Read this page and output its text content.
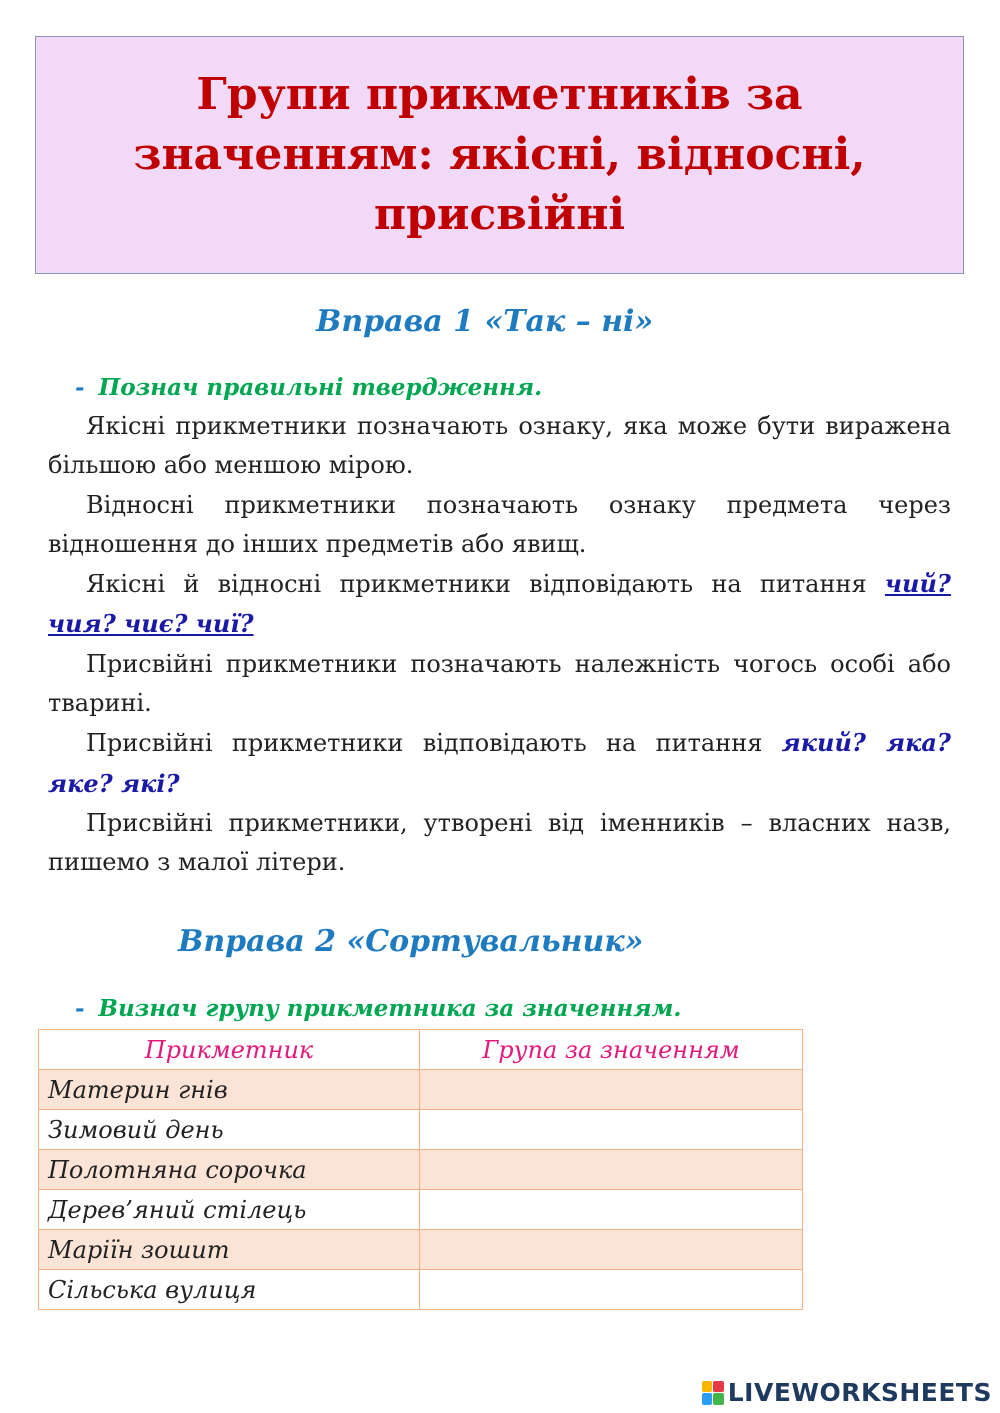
Групи прикметників за значенням: якісні, відносні, присвійні
Вправа 1 «Так – ні»

- Познач правильні твердження.

Якісні прикметники позначають ознаку, яка може бути виражена більшою або меншою мірою.

Відносні прикметники позначають ознаку предмета через відношення до інших предметів або явищ.

Якісні й відносні прикметники відповідають на питання чий? чия? чиє? чиї?

Присвійні прикметники позначають належність чогось особі або тварині.

Присвійні прикметники відповідають на питання який? яка? яке? які?

Присвійні прикметники, утворені від іменників – власних назв, пишемо з малої літери.

Вправа 2 «Сортувальник»

- Визнач групу прикметника за значенням.

Прикметник	Група за значенням
Материн гнів	
Зимовий день	
Полотняна сорочка	
Дерев’яний стілець	
Маріїн зошит	
Сільська вулиця	
LIVEWORKSHEETS
